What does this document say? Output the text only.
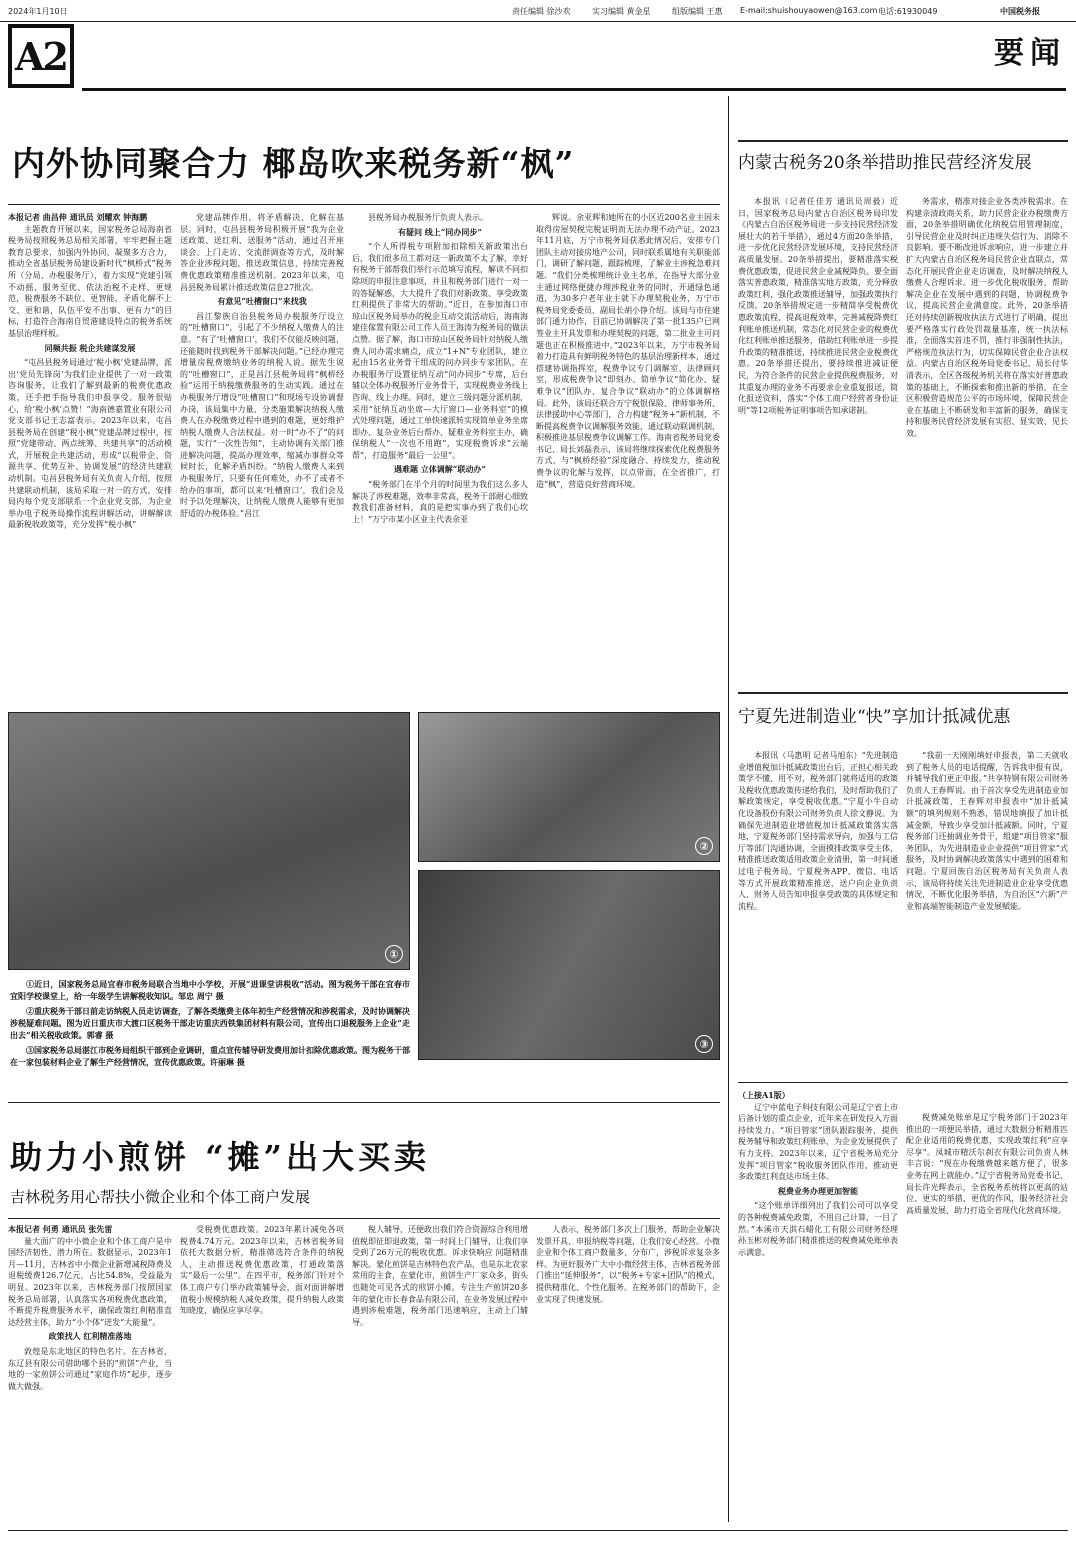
2024年1月10日	责任编辑 徐沙欢	实习编辑 黄金星	组版编辑 王惠 E-mail:shuishouyaowen@163.com 电话:61930049	中国税务报
A2	要闻
内外协同聚合力 椰岛吹来税务新“枫”

本报记者 曲昌伸 通讯员 刘耀欢 钟海鹏

主题教育开展以来，国家税务总局海南省税务局按照税务总局相关部署，牢牢把握主题教育总要求，加强内外协同、凝聚多方合力，推动全省基层税务局建设新时代“枫桥式”税务所（分局、办税服务厅），着力实现“党建引领不动摇、服务至优、依法治税不走样、更规范，税费服务不缺位、更智能，矛盾化解不上交、更和谐，队伍平安不出事、更有力”的目标，打造符合海南自贸港建设特点的税务系统基层治理样板。

同频共振 税企共建谋发展

“屯昌县税务局通过‘税小枫’党建品牌，派出‘党员先锋岗’为我们企业提供了一对一政策咨询服务，让我们了解到最新的税费优惠政策，还手把手指导我们申报享受。服务很贴心，给‘税小枫’点赞！”海南德嘉置业有限公司党支部书记王志富表示。2023年以来，屯昌县税务局在创建“税小枫”党建品牌过程中，按照“党建带动、两点统筹、共建共享”的活动模式，开展税企共建活动，形成“以税带企、资源共享、优势互补、协调发展”的经济共建联动机制。屯昌县税务局有关负责人介绍，按照共建联动机制，该局采取一对一的方式，安排局内每个党支部联系一个企业党支部，为企业举办电子税务局操作流程讲解活动，讲解解读最新税收政策等，充分发挥“税小枫”

党建品牌作用，将矛盾解决、化解在基层。同时，屯昌县税务局积极开展“我为企业送政策、送红利、送服务”活动，通过召开座谈会、上门走访、交流群调查等方式，及时解答企业涉税问题，推送政策信息，持续完善税费优惠政策精准推送机制。2023年以来，屯昌县税务局累计推送政策信息27批次。

有意见“吐槽窗口”来找我

昌江黎族自治县税务局办税服务厅设立的“吐槽窗口”，引起了不少纳税人缴费人的注意。“有了‘吐槽窗口’，我们不仅能反映问题，还能随时找到税务干部解决问题。”已经办理完增量房税费缴纳业务的纳税人说。据先生说的“吐槽窗口”，正是昌江县税务局将“枫桥经验”运用于纳税缴费服务的生动实践。通过在办税服务厅增设“吐槽窗口”和现场专设协调督办岗，该局集中力量、分类施策解决纳税人缴费人在办税缴费过程中遇到的难题，更好维护纳税人缴费人合法权益。对一时“办不了”的问题，实行“一次性告知”，主动协调有关部门推进解决问题，提高办理效率，缩减办事群众等候时长，化解矛盾纠纷。“纳税人缴费人来到办税服务厅，只要有任何难处，办不了或者不给办的事项，都可以来‘吐槽窗口’，我们会及时予以处理解决，让纳税人缴费人能够有更加舒适的办税体验。”昌江

县税务局办税服务厅负责人表示。

有疑问 线上“同办同步”

“个人所得税专项附加扣除相关新政策出台后，我们很多员工都对这一新政策不太了解，幸好有税务干部帮我们举行示范填写流程，解读不同扣除项的申报注意事项，并且和税务部门进行一对一的答疑解惑，大大提升了我们对新政策、享受政策红利提供了非常大的帮助。”近日，在参加海口市琼山区税务局举办的税企互动交流活动后，海南海建佳傢置有限公司工作人员王海涛为税务局的做法点赞。据了解，海口市琼山区税务局针对纳税人缴费人问办需求痛点，成立“1+N”专业团队，建立起由15名业务骨干组成的问办同步专家团队，在办税服务厅设置征纳互动“问办同步”专席，后台辅以全体办税服务厅业务骨干，实现税费业务线上咨询、线上办理。同时，建立三级问题分派机制，采用“征纳互动坐席—大厅窗口—业务科室”的模式处理问题，通过工单快速派转实现简单业务坐席即办、复杂业务后台帮办、疑难业务科室主办，确保纳税人“一次也不用跑”，实现税费诉求“云端帮”，打造服务“最后一公里”。

遇难题 立体调解“联动办”

“税务部门在半个月的时间里为我们这么多人解决了涉税难题，效率非常高，税务干部耐心细致教我们准备材料，真的是把实事办到了我们心坎上！”万宁市某小区业主代表余亚

辉说。余亚辉和她所在的小区近200名业主因未取得房屋契税完税证明而无法办理不动产证。2023年11月底，万宁市税务局获悉此情况后，安排专门团队主动对接房地产公司，同时联系属地有关职能部门，调研了解问题，跟踪梳理，了解业主涉税急难问题。“我们分类梳理统计业主名单，在指导大部分业主通过网络便捷办理涉税业务的同时，开通绿色通道，为30多户老年业主就下办理契税业务，万宁市税务局党委委员、副局长胡小铮介绍。该局与市住建部门通力协作，目前已协调解决了第一批135户已网签业主开具发票和办理契税的问题，第二批业主可问题也正在积极推进中。”2023年以来，万宁市税务局着力打造具有鲜明税务特色的基层治理新样本，通过搭建协调指挥室，税费争议专门调解室、法律顾问室，形成税费争议“即刻办、简单争议“简化办、疑难争议“团队办、复合争议“联动办”的立体调解格局。此外，该局还联合万宁税银保险、律师事务所、法律援助中心等部门，合力构建“税务+”新机制，不断提高税费争议调解服务效能，通过联动联调机制，积极推进基层税费争议调解工作。海南省税务局党委书记、局长刘磊表示，该局将继续探索优化税费服务方式，与“枫桥经验”深度融合、持续发力，推动税费争议的化解与发挥，以点带面，在全省推广，打造“枫”，营造良好营商环境。

①
②
③

①近日，国家税务总局宜春市税务局联合当地中小学校，开展“进课堂讲税收”活动。图为税务干部在宜春市宜阳学校课堂上，给一年级学生讲解税收知识。邹忠 周宁 摄

②重庆税务干部日前走访纳税人员走访调查，了解各类缴费主体年初生产经营情况和涉税需求，及时协调解决涉税疑难问题。图为近日重庆市大渡口区税务干部走访重庆西铁集团材料有限公司，宣传出口退税服务上企业“走出去”相关税收政策。郭睿 摄

③国家税务总局湛江市税务局组织干部到企业调研，重点宣传辅导研发费用加计扣除优惠政策。图为税务干部在一家包装材料企业了解生产经营情况，宣传优惠政策。许丽琳 摄

助力小煎饼 “摊”出大买卖
吉林税务用心帮扶小微企业和个体工商户发展

本报记者 何勇 通讯员 张先雷

量大面广的中小微企业和个体工商户是中国经济韧性、潜力所在。数据显示，2023年1月—11月，吉林省中小微企业新增减税降费及退税缓费126.7亿元，占比54.8%，受益最为明显。2023年以来，吉林税务部门按照国家税务总局部署，认真落实各项税费优惠政策，不断提升税费服务水平，确保政策红利精准直达经营主体，助力“小个体”迸发“大能量”。

政策找人 红利精准落地

敦煌是东北地区的特色名片。在吉林省，东辽县有限公司借助哪个县的“煎饼”产业，当地的一家煎饼公司通过“家庭作坊”起步，逐步做大做强。

受税费优惠政策。2023年累计减免各项税费4.74万元。2023年以来，吉林省税务局依托大数据分析，精准筛选符合条件的纳税人，主动推送税费优惠政策，打通政策落实“最后一公里”。在四平市，税务部门针对个体工商户专门举办政策辅导会，面对面讲解增值税小规模纳税人减免政策，提升纳税人政策知晓度，确保应享尽享。

税人辅导，还便政出我们符合资源综合利用增值税即征即退政策，第一时间上门辅导，让我们享受到了26万元的税收优惠。诉求快响应 问题精准解决。蒙化煎饼是吉林特色农产品，也是东北农家常用的主食，在蒙化市，煎饼生产厂家众多，街头也随处可见各式的煎饼小摊。专注生产煎饼20多年的蒙化市长春食品有限公司，在业务发展过程中遇到涉税难题，税务部门迅速响应，主动上门辅导。

人表示，税务部门多次上门服务，帮助企业解决发票开具、申报纳税等问题，让我们安心经营。小微企业和个体工商户数量多、分布广，涉税诉求复杂多样。为更好服务广大中小微经营主体，吉林省税务部门推出“延伸服务”，以“税务+专家+团队”的模式，提供精准化、个性化服务。在税务部门的帮助下，企业实现了快速发展。

内蒙古税务20条举措助推民营经济发展

本报讯（记者任佳芳 通讯员周毅）近日，国家税务总局内蒙古自治区税务局印发《内蒙古自治区税务局进一步支持民营经济发展壮大的若干举措》，通过4方面20条举措，进一步优化民营经济发展环境，支持民营经济高质量发展。20条举措提出，要精准落实税费优惠政策，促进民营企业减税降负。要全面落实普惠政策，精准落实地方政策，充分释放政策红利，强化政策推送辅导，加强政策执行反馈。20条举措规定进一步精简享受税费优惠政策流程，提高退税效率，完善减税降费红利账单推送机制，常态化对民营企业的税费优化红利账单推送服务，借助红利账单进一步提升政策的精准推送，持续推进民营企业税费优惠。20条举措还提出，要持续推进减证便民，为符合条件的民营企业提供税费服务，对其重复办理的业务不再要求企业重复报送，简化报送资料，落实“个体工商户经营者身份证明”等12项税务证明事项告知承诺制。

务需求，精准对接企业各类涉税需求。在构建亲清政商关系，助力民营企业办税缴费方面，20条举措明确优化纳税信用管理制度，引导民营企业及时纠正违规失信行为、消除不良影响。要不断改进诉求响应，进一步建立并扩大内蒙古自治区税务局民营企业直联点，常态化开展民营企业走访调查，及时解决纳税人缴费人合理诉求。进一步优化税收服务，帮助解决企业在发展中遇到的问题，协调税费争议，提高民营企业满意度。此外，20条举措还对持续创新税收执法方式进行了明确，提出要严格落实行政处罚裁量基准，统一执法标准，全面落实首违不罚，推行非强制性执法，严格规范执法行为，切实保障民营企业合法权益。内蒙古自治区税务局党委书记、局长付华清表示，全区各级税务机关将在落实好普惠政策的基础上，不断探索和推出新的举措，在全区积极营造规范公平的市场环境，保障民营企业在基础上不断研发和丰富新的服务，确保支持和服务民营经济发展有实招、显实效、见长效。

宁夏先进制造业“快”享加计抵减优惠

本报讯（马惠明 记者马旭东）“先进制造业增值税加计抵减政策出台后，正担心相关政策学不懂、用不对，税务部门就将适用的政策及税收优惠政策传递给我们，及时帮助我们了解政策规定，享受税收优惠。”宁夏小牛自动化设备股份有限公司财务负责人徐文静说。为确保先进制造业增值税加计抵减政策落实落地，宁夏税务部门坚持需求导向，加强与工信厅等部门沟通协调，全面摸排政策享受主体，精准推送政策适用政策企业清册，第一时间通过电子税务局、宁夏税务APP、微信、电话等方式开展政策精准推送，送户向企业负责人、财务人员告知申报享受政策的具体规定和流程。

“我前一天刚刚填好申报表，第二天就收到了税务人员的电话提醒，告诉我申报有误，并辅导我们更正申报。”共享特钢有限公司财务负责人王春辉说。由于首次享受先进制造业加计抵减政策，王春辉对申报表中“加计抵减额”的填列规则不熟悉，错误地填报了加计抵减金额，导致少享受加计抵减额。同时，宁夏税务部门还抽调业务骨干，组建“项目管家”服务团队，为先进制造业企业提供“项目管家”式服务，及时协调解决政策落实中遇到的困难和问题。宁夏回族自治区税务局有关负责人表示，该局将持续关注先进制造业企业享受优惠情况，不断优化服务举措，为自治区“六新”产业和高端智能制造产业发展赋能。

（上接A1版）

辽宁中蓝电子科技有限公司是辽宁省上市后备计划的重点企业，近年来在研发投入方面持续发力。“项目管家”团队跟踪服务，提供税务辅导和政策红利账单，为企业发展提供了有力支持。2023年以来，辽宁省税务局充分发挥“项目管家”税收服务团队作用，推动更多政策红利直达市场主体。

税费业务办理更加智能

“这个账单详细列出了我们公司可以享受的各种税费减免政策，不用自己计算，一目了然。”本溪市天淇石蜡化工有限公司财务经理孙玉彬对税务部门精准推送的税费减免账单表示满意。

税费减免账单是辽宁税务部门于2023年推出的一项便民举措，通过大数据分析精准匹配企业适用的税费优惠，实现政策红利“应享尽享”。凤城市精沃尔刹衣有限公司负责人林丰言说：“现在办税缴费越来越方便了，很多业务在网上就能办。”辽宁省税务局党委书记、局长许光辉表示，全省税务系统将以更高的站位、更实的举措、更优的作风，服务经济社会高质量发展，助力打造全省现代化营商环境。
